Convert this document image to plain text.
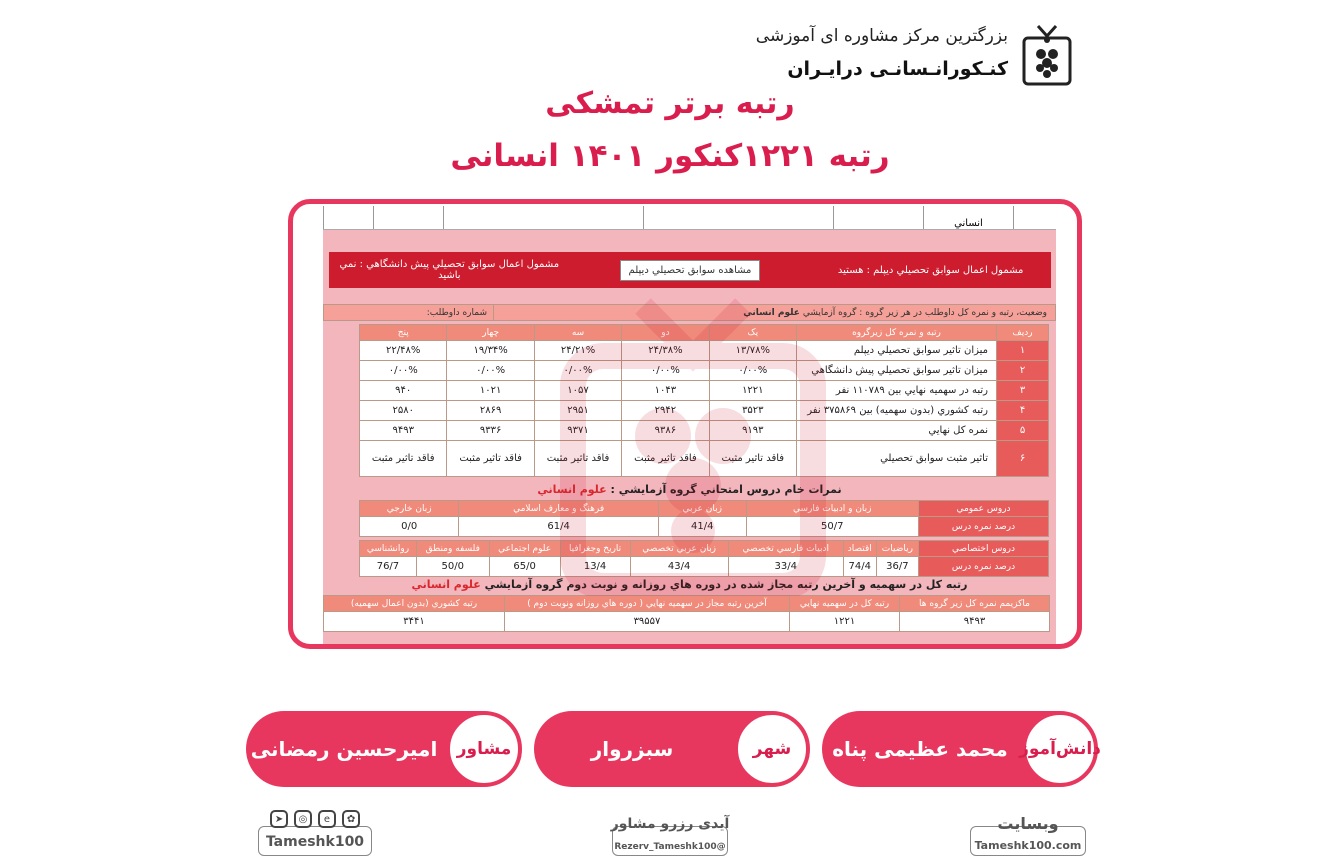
بزرگترین مرکز مشاوره ای آموزشی
کنـکورانـسانـی درایـران
رتبه برتر تمشکی
رتبه ۱۲۲۱کنکور ۱۴۰۱ انسانی
انساني
مشمول اعمال سوابق تحصيلي ديپلم : هستيد
مشاهده سوابق تحصيلي ديپلم
مشمول اعمال سوابق تحصيلي پيش دانشگاهي : نمي باشيد
وضعيت، رتبه و نمره کل داوطلب در هر زير گروه : گروه آزمايشي علوم انساني	شماره داوطلب:
رديف	رتبه و نمره کل زيرگروه	يک	دو	سه	چهار	پنج
۱	ميزان تاثير سوابق تحصيلي ديپلم	۱۳/۷۸%	۲۴/۳۸%	۲۴/۲۱%	۱۹/۳۴%	۲۲/۴۸%
۲	ميزان تاثير سوابق تحصيلي پيش دانشگاهي	۰/۰۰%	۰/۰۰%	۰/۰۰%	۰/۰۰%	۰/۰۰%
۳	رتبه در سهميه نهايي بين ۱۱۰۷۸۹ نفر	۱۲۲۱	۱۰۴۳	۱۰۵۷	۱۰۲۱	۹۴۰
۴	رتبه کشوري (بدون سهميه) بين ۳۷۵۸۶۹ نفر	۳۵۲۳	۲۹۴۲	۲۹۵۱	۲۸۶۹	۲۵۸۰
۵	نمره کل نهايي	۹۱۹۳	۹۳۸۶	۹۳۷۱	۹۳۳۶	۹۴۹۳
۶	تاثير مثبت سوابق تحصيلي	فاقد تاثير مثبت	فاقد تاثير مثبت	فاقد تاثير مثبت	فاقد تاثير مثبت	فاقد تاثير مثبت
نمرات خام دروس امتحاني گروه آزمايشي : علوم انساني
دروس عمومي	زبان و ادبيات فارسي	زبان عربي	فرهنگ و معارف اسلامي	زبان خارجي
درصد نمره درس	50/7	41/4	61/4	0/0
دروس اختصاصي	رياضيات	اقتصاد	ادبيات فارسي تخصصي	زبان عربي تخصصي	تاريخ وجغرافيا	علوم اجتماعي	فلسفه ومنطق	روانشناسي
درصد نمره درس	36/7	74/4	33/4	43/4	13/4	65/0	50/0	76/7
رتبه کل در سهميه و آخرين رتبه مجاز شده در دوره هاي روزانه و نوبت دوم گروه آزمايشي علوم انساني
ماکزيمم نمره کل زير گروه ها	رتبه کل در سهميه نهايي	آخرين رتبه مجاز در سهميه نهايي ( دوره هاي روزانه ونوبت دوم )	رتبه کشوري (بدون اعمال سهميه)
۹۴۹۳	۱۲۲۱	۳۹۵۵۷	۳۴۴۱
دانش‌آموز
محمد عظیمی پناه
شهر
سبزروار
مشاور
امیرحسین رمضانی
✿
e
◎
➤
Tameshk100
آیدی رزرو مشاور
@Rezerv_Tameshk100
وبسایت
Tameshk100.com
